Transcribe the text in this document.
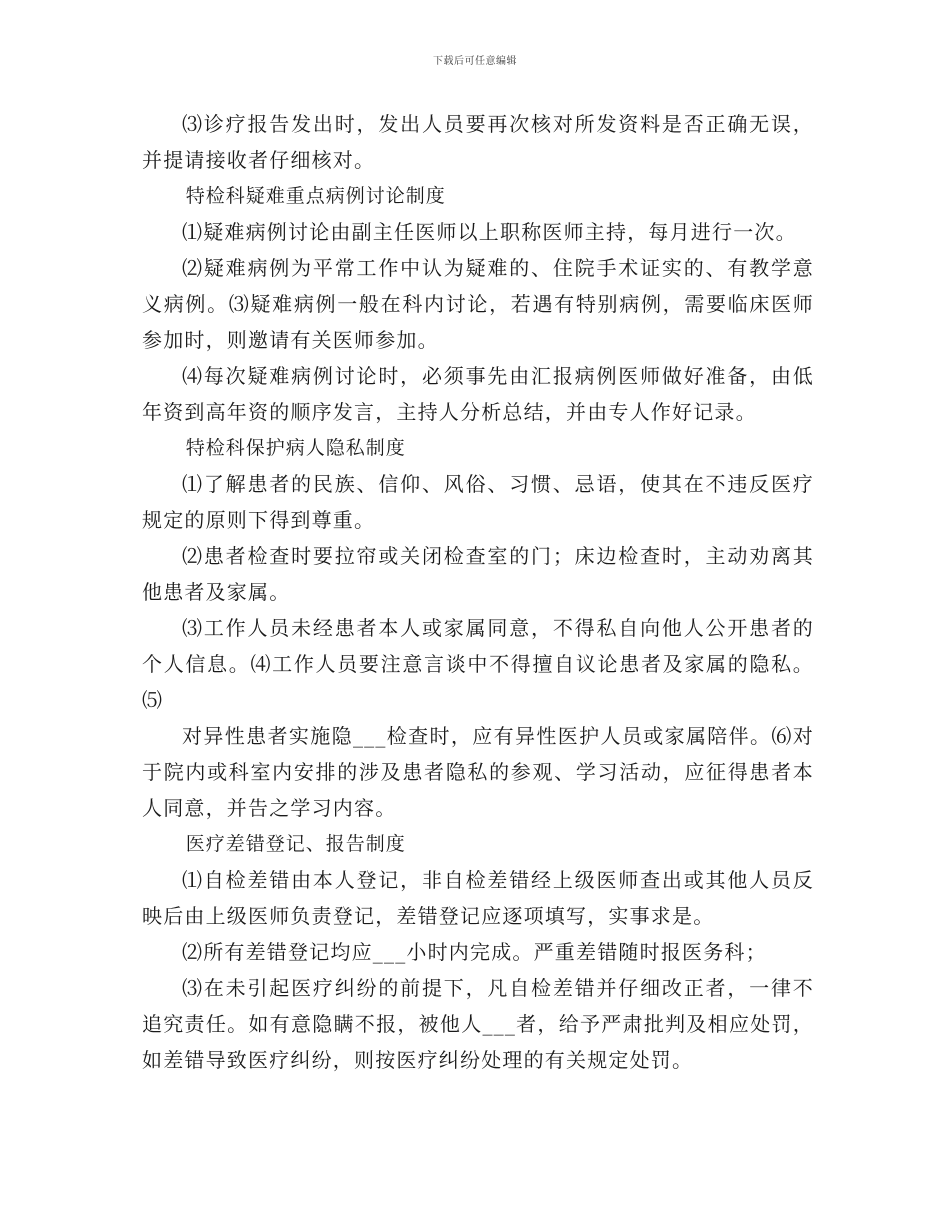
下载后可任意编辑

⑶诊疗报告发出时，发出人员要再次核对所发资料是否正确无误，并提请接收者仔细核对。

特检科疑难重点病例讨论制度

⑴疑难病例讨论由副主任医师以上职称医师主持，每月进行一次。

⑵疑难病例为平常工作中认为疑难的、住院手术证实的、有教学意义病例。⑶疑难病例一般在科内讨论，若遇有特别病例，需要临床医师参加时，则邀请有关医师参加。

⑷每次疑难病例讨论时，必须事先由汇报病例医师做好准备，由低年资到高年资的顺序发言，主持人分析总结，并由专人作好记录。

特检科保护病人隐私制度

⑴了解患者的民族、信仰、风俗、习惯、忌语，使其在不违反医疗规定的原则下得到尊重。

⑵患者检查时要拉帘或关闭检查室的门；床边检查时，主动劝离其他患者及家属。

⑶工作人员未经患者本人或家属同意，不得私自向他人公开患者的个人信息。⑷工作人员要注意言谈中不得擅自议论患者及家属的隐私。⑸

对异性患者实施隐___检查时，应有异性医护人员或家属陪伴。⑹对于院内或科室内安排的涉及患者隐私的参观、学习活动，应征得患者本人同意，并告之学习内容。

医疗差错登记、报告制度

⑴自检差错由本人登记，非自检差错经上级医师查出或其他人员反映后由上级医师负责登记，差错登记应逐项填写，实事求是。

⑵所有差错登记均应___小时内完成。严重差错随时报医务科；

⑶在未引起医疗纠纷的前提下，凡自检差错并仔细改正者，一律不追究责任。如有意隐瞒不报，被他人___者，给予严肃批判及相应处罚，如差错导致医疗纠纷，则按医疗纠纷处理的有关规定处罚。
